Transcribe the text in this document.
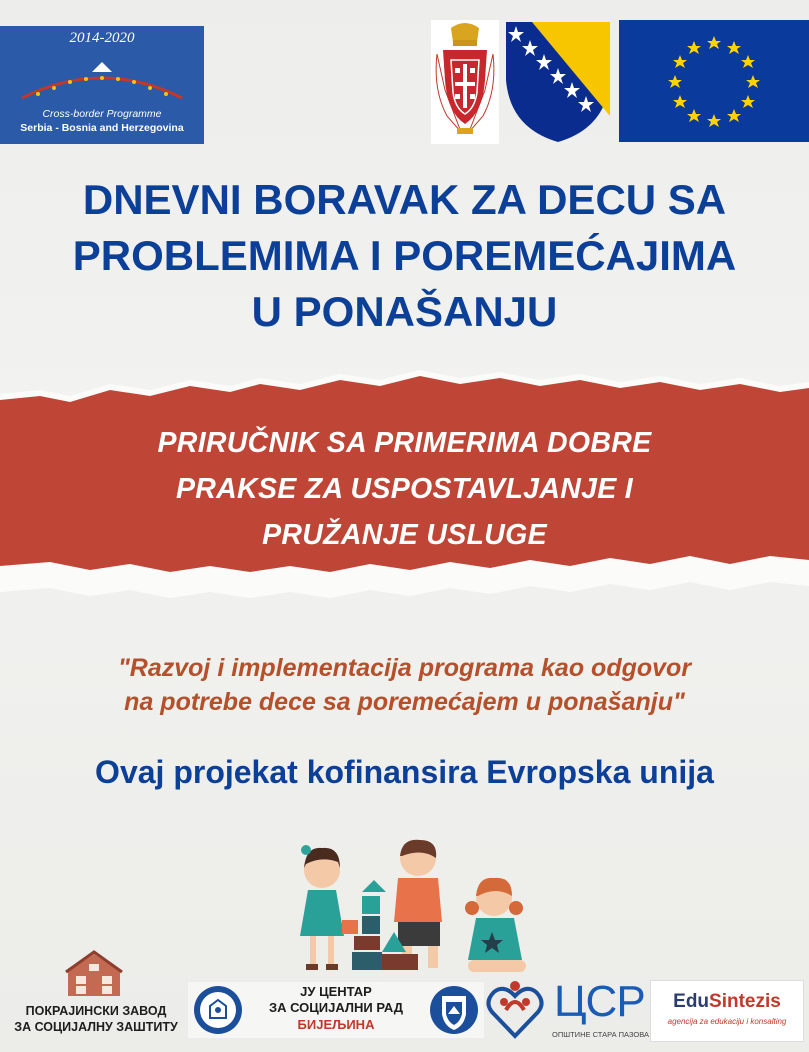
2014-2020
Cross-border Programme
Serbia - Bosnia and Herzegovina
DNEVNI BORAVAK ZA DECU SA
PROBLEMIMA I POREMEĆAJIMA
U PONAŠANJU
PRIRUČNIK SA PRIMERIMA DOBRE
PRAKSE ZA USPOSTAVLJANJE I
PRUŽANJE USLUGE

"Razvoj i implementacija programa kao odgovor
na potrebe dece sa poremećajem u ponašanju"

Ovaj projekat kofinansira Evropska unija

ПОКРАЈИНСКИ ЗАВОД
ЗА СОЦИЈАЛНУ ЗАШТИТУ
ЈУ ЦЕНТАР
ЗА СОЦИЈАЛНИ РАД
БИЈЕЉИНА	ЦСР
ОПШТИНЕ СТАРА ПАЗОВА
EduSintezis
agencija za edukaciju i konsalting
